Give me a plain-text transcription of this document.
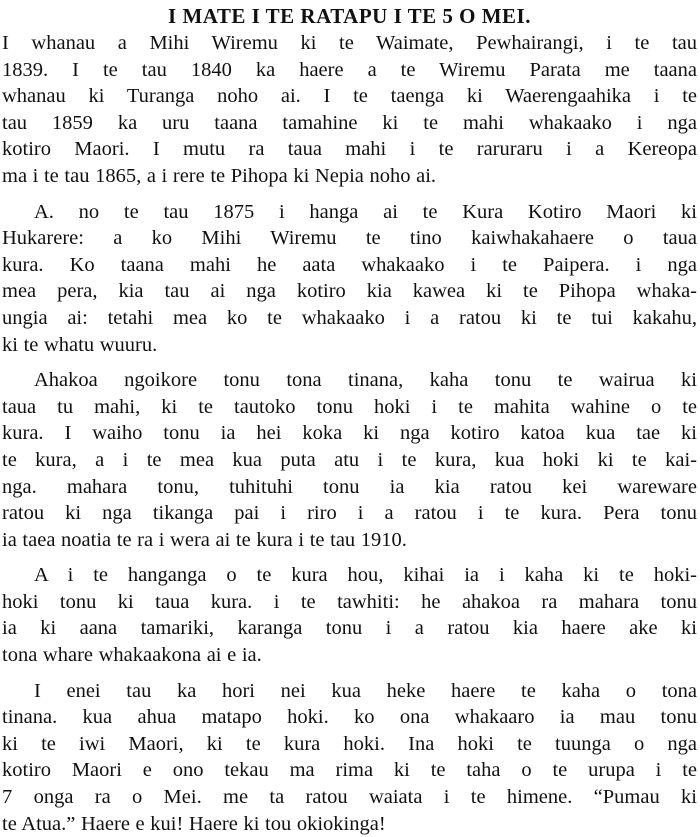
I MATE I TE RATAPU I TE 5 O MEI.
I whanau a Mihi Wiremu ki te Waimate, Pewhairangi, i te tau
1839. I te tau 1840 ka haere a te Wiremu Parata me taana
whanau ki Turanga noho ai. I te taenga ki Waerengaahika i te
tau 1859 ka uru taana tamahine ki te mahi whakaako i nga
kotiro Maori. I mutu ra taua mahi i te raruraru i a Kereopa
ma i te tau 1865, a i rere te Pihopa ki Nepia noho ai.
A. no te tau 1875 i hanga ai te Kura Kotiro Maori ki
Hukarere: a ko Mihi Wiremu te tino kaiwhakahaere o taua
kura. Ko taana mahi he aata whakaako i te Paipera. i nga
mea pera, kia tau ai nga kotiro kia kawea ki te Pihopa whaka-
ungia ai: tetahi mea ko te whakaako i a ratou ki te tui kakahu,
ki te whatu wuuru.
Ahakoa ngoikore tonu tona tinana, kaha tonu te wairua ki
taua tu mahi, ki te tautoko tonu hoki i te mahita wahine o te
kura. I waiho tonu ia hei koka ki nga kotiro katoa kua tae ki
te kura, a i te mea kua puta atu i te kura, kua hoki ki te kai-
nga. mahara tonu, tuhituhi tonu ia kia ratou kei wareware
ratou ki nga tikanga pai i riro i a ratou i te kura. Pera tonu
ia taea noatia te ra i wera ai te kura i te tau 1910.
A i te hanganga o te kura hou, kihai ia i kaha ki te hoki-
hoki tonu ki taua kura. i te tawhiti: he ahakoa ra mahara tonu
ia ki aana tamariki, karanga tonu i a ratou kia haere ake ki
tona whare whakaakona ai e ia.
I enei tau ka hori nei kua heke haere te kaha o tona
tinana. kua ahua matapo hoki. ko ona whakaaro ia mau tonu
ki te iwi Maori, ki te kura hoki. Ina hoki te tuunga o nga
kotiro Maori e ono tekau ma rima ki te taha o te urupa i te
7 onga ra o Mei. me ta ratou waiata i te himene. “Pumau ki
te Atua.” Haere e kui! Haere ki tou okiokinga!
